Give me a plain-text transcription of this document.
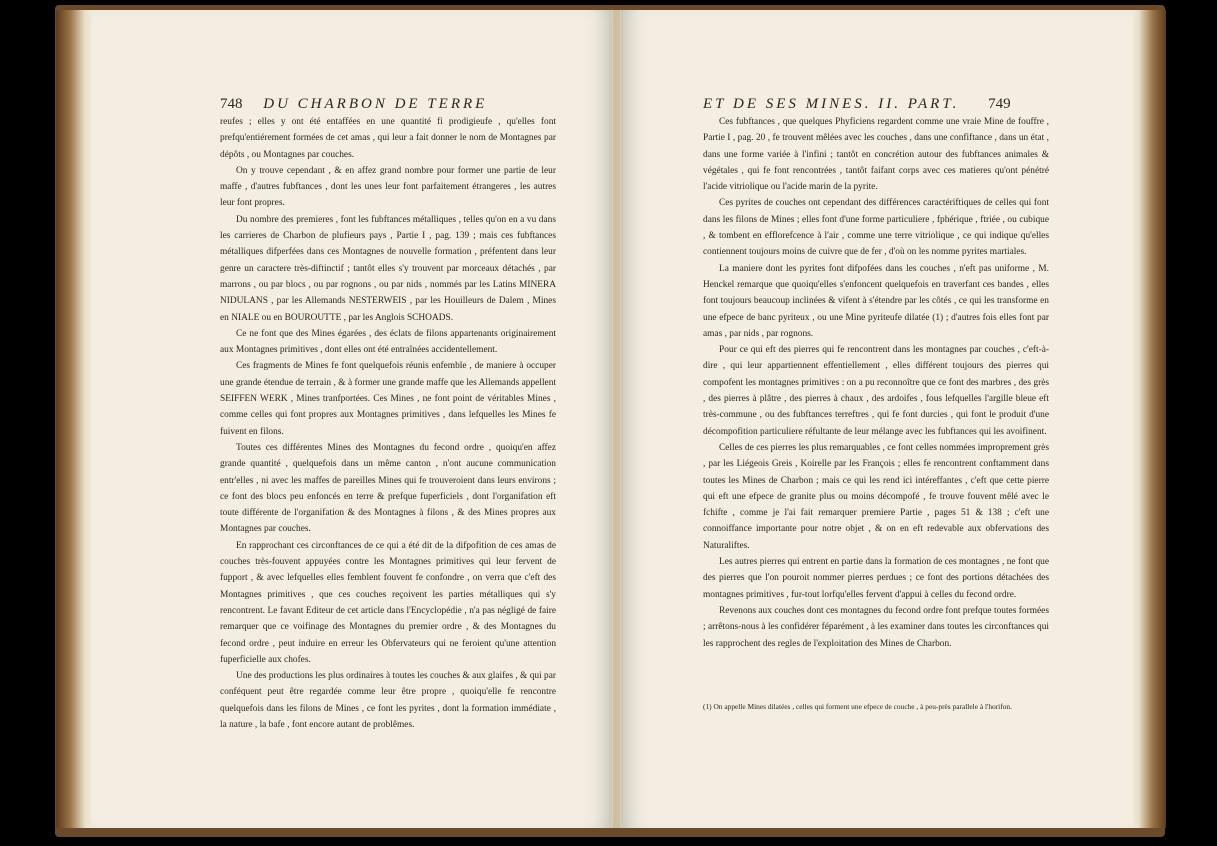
748 DU CHARBON DE TERRE

reufes ; elles y ont été entaffées en une quantité fi prodigieufe , qu'elles font prefqu'entiérement formées de cet amas , qui leur a fait donner le nom de Montagnes par dépôts , ou Montagnes par couches.

On y trouve cependant , & en affez grand nombre pour former une partie de leur maffe , d'autres fubftances , dont les unes leur font parfaitement étrangeres , les autres leur font propres.

Du nombre des premieres , font les fubftances métalliques , telles qu'on en a vu dans les carrieres de Charbon de plufieurs pays , Partie I , pag. 139 ; mais ces fubftances métalliques difperfées dans ces Montagnes de nouvelle formation , préfentent dans leur genre un caractere très-diftinctif ; tantôt elles s'y trouvent par morceaux détachés , par marrons , ou par blocs , ou par rognons , ou par nids , nommés par les Latins MINERA NIDULANS , par les Allemands NESTERWEIS , par les Houilleurs de Dalem , Mines en NIALE ou en BOUROUTTE , par les Anglois SCHOADS.

Ce ne font que des Mines égarées , des éclats de filons appartenants originairement aux Montagnes primitives , dont elles ont été entraînées accidentellement.

Ces fragments de Mines fe font quelquefois réunis enfemble , de maniere à occuper une grande étendue de terrain , & à former une grande maffe que les Allemands appellent SEIFFEN WERK , Mines tranfportées. Ces Mines , ne font point de véritables Mines , comme celles qui font propres aux Montagnes primitives , dans lefquelles les Mines fe fuivent en filons.

Toutes ces différentes Mines des Montagnes du fecond ordre , quoiqu'en affez grande quantité , quelquefois dans un même canton , n'ont aucune communication entr'elles , ni avec les maffes de pareilles Mines qui fe trouveroient dans leurs environs ; ce font des blocs peu enfoncés en terre & prefque fuperficiels , dont l'organifation eft toute différente de l'organifation & des Montagnes à filons , & des Mines propres aux Montagnes par couches.

En rapprochant ces circonftances de ce qui a été dit de la difpofition de ces amas de couches très-fouvent appuyées contre les Montagnes primitives qui leur fervent de fupport , & avec lefquelles elles femblent fouvent fe confondre , on verra que c'eft des Montagnes primitives , que ces couches reçoivent les parties métalliques qui s'y rencontrent. Le favant Editeur de cet article dans l'Encyclopédie , n'a pas négligé de faire remarquer que ce voifinage des Montagnes du premier ordre , & des Montagnes du fecond ordre , peut induire en erreur les Obfervateurs qui ne feroient qu'une attention fuperficielle aux chofes.

Une des productions les plus ordinaires à toutes les couches & aux glaifes , & qui par conféquent peut être regardée comme leur être propre , quoiqu'elle fe rencontre quelquefois dans les filons de Mines , ce font les pyrites , dont la formation immédiate , la nature , la bafe , font encore autant de problêmes.

ET DE SES MINES. II. PART. 749

Ces fubftances , que quelques Phyficiens regardent comme une vraie Mine de fouffre , Partie I , pag. 20 , fe trouvent mêlées avec les couches , dans une confiftance , dans un état , dans une forme variée à l'infini ; tantôt en concrétion autour des fubftances animales & végétales , qui fe font rencontrées , tantôt faifant corps avec ces matieres qu'ont pénétré l'acide vitriolique ou l'acide marin de la pyrite.

Ces pyrites de couches ont cependant des différences caractériftiques de celles qui font dans les filons de Mines ; elles font d'une forme particuliere , fphérique , ftriée , ou cubique , & tombent en efflorefcence à l'air , comme une terre vitriolique , ce qui indique qu'elles contiennent toujours moins de cuivre que de fer , d'où on les nomme pyrites martiales.

La maniere dont les pyrites font difpofées dans les couches , n'eft pas uniforme , M. Henckel remarque que quoiqu'elles s'enfoncent quelquefois en traverfant ces bandes , elles font toujours beaucoup inclinées & vifent à s'étendre par les côtés , ce qui les transforme en une efpece de banc pyriteux , ou une Mine pyriteufe dilatée (1) ; d'autres fois elles font par amas , par nids , par rognons.

Pour ce qui eft des pierres qui fe rencontrent dans les montagnes par couches , c'eft-à-dire , qui leur appartiennent effentiellement , elles différent toujours des pierres qui compofent les montagnes primitives : on a pu reconnoître que ce font des marbres , des grès , des pierres à plâtre , des pierres à chaux , des ardoifes , fous lefquelles l'argille bleue eft très-commune , ou des fubftances terreftres , qui fe font durcies , qui font le produit d'une décompofition particuliere réfultante de leur mélange avec les fubftances qui les avoifinent.

Celles de ces pierres les plus remarquables , ce font celles nommées improprement grès , par les Liégeois Greis , Koirelle par les François ; elles fe rencontrent conftamment dans toutes les Mines de Charbon ; mais ce qui les rend ici intéreffantes , c'eft que cette pierre qui eft une efpece de granite plus ou moins décompofé , fe trouve fouvent mêlé avec le fchifte , comme je l'ai fait remarquer premiere Partie , pages 51 & 138 ; c'eft une connoiffance importante pour notre objet , & on en eft redevable aux obfervations des Naturaliftes.

Les autres pierres qui entrent en partie dans la formation de ces montagnes , ne font que des pierres que l'on pouroit nommer pierres perdues ; ce font des portions détachées des montagnes primitives , fur-tout lorfqu'elles fervent d'appui à celles du fecond ordre.

Revenons aux couches dont ces montagnes du fecond ordre font prefque toutes formées ; arrêtons-nous à les confidérer féparément , à les examiner dans toutes les circonftances qui les rapprochent des regles de l'exploitation des Mines de Charbon.

(1) On appelle Mines dilatées , celles qui forment une efpece de couche , à peu-près parallele à l'horifon.
